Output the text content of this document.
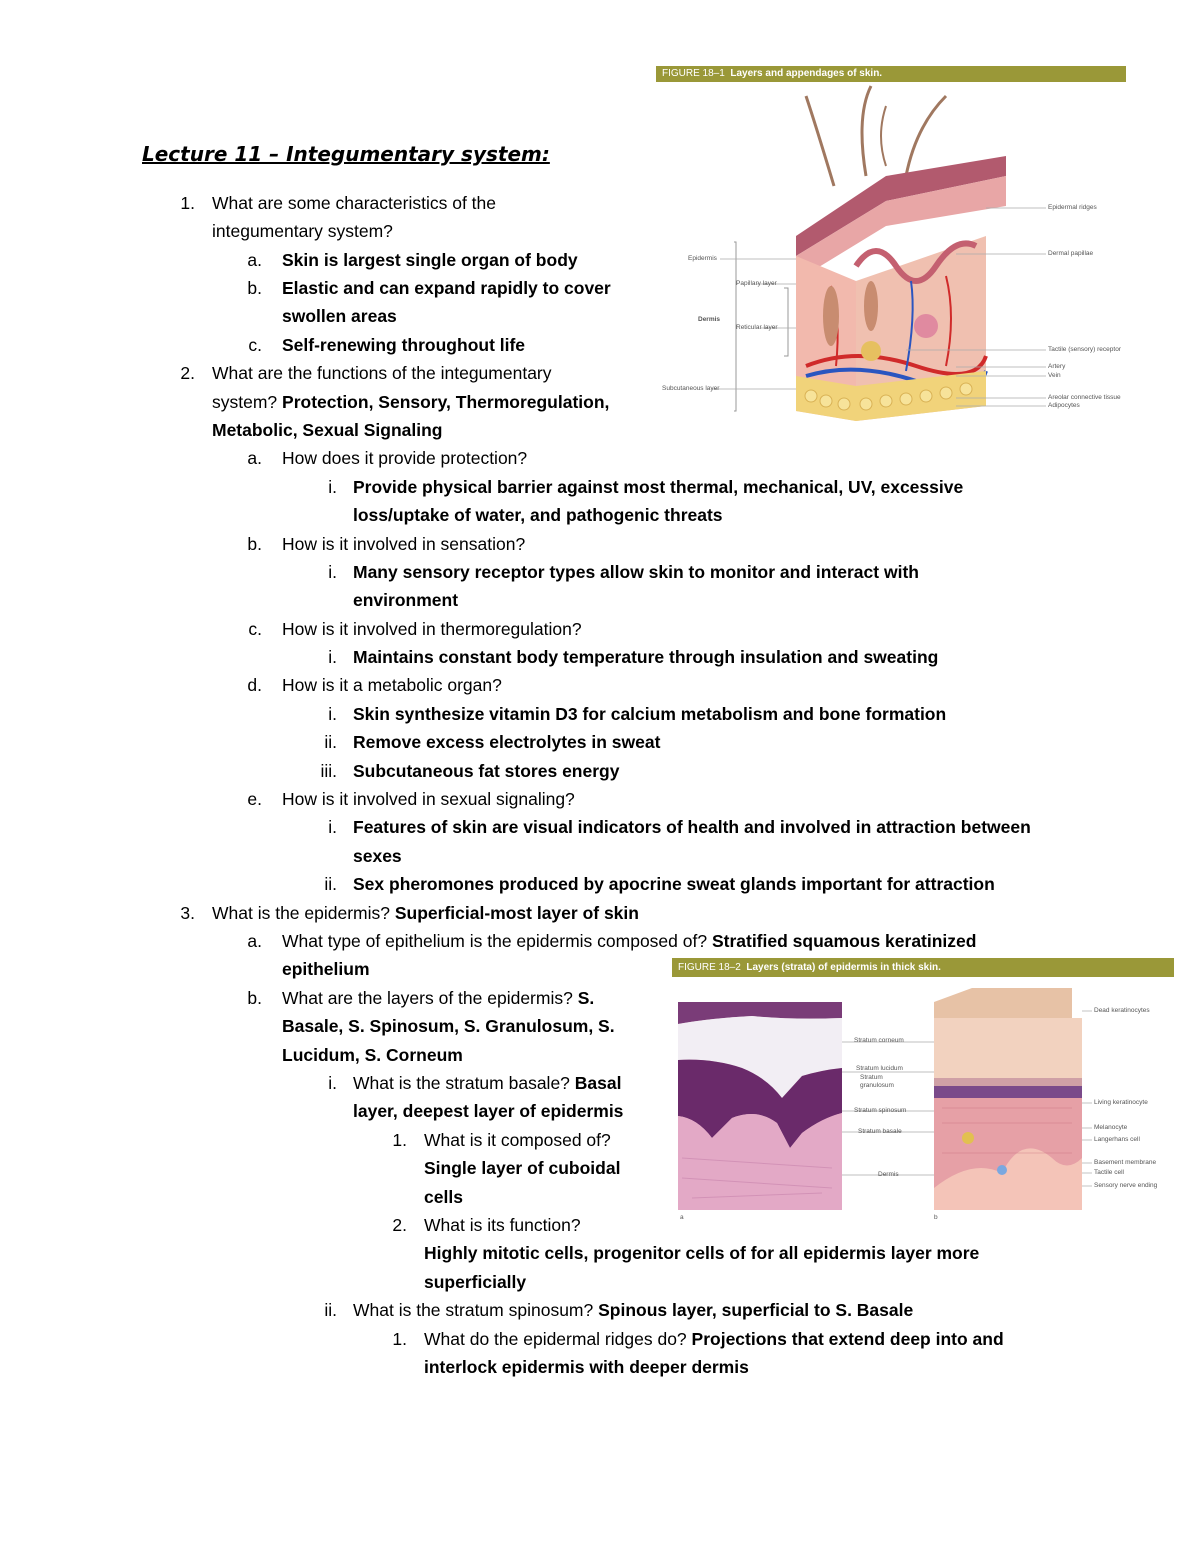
Lecture 11 – Integumentary system:
1. What are some characteristics of the
integumentary system?
a. Skin is largest single organ of body
b. Elastic and can expand rapidly to cover
swollen areas
c. Self-renewing throughout life
2. What are the functions of the integumentary
system? Protection, Sensory, Thermoregulation,
Metabolic, Sexual Signaling
a. How does it provide protection?
i. Provide physical barrier against most thermal, mechanical, UV, excessive
loss/uptake of water, and pathogenic threats
b. How is it involved in sensation?
i. Many sensory receptor types allow skin to monitor and interact with
environment
c. How is it involved in thermoregulation?
i. Maintains constant body temperature through insulation and sweating
d. How is it a metabolic organ?
i. Skin synthesize vitamin D3 for calcium metabolism and bone formation
ii. Remove excess electrolytes in sweat
iii. Subcutaneous fat stores energy
e. How is it involved in sexual signaling?
i. Features of skin are visual indicators of health and involved in attraction between
sexes
ii. Sex pheromones produced by apocrine sweat glands important for attraction
3. What is the epidermis? Superficial-most layer of skin
a. What type of epithelium is the epidermis composed of? Stratified squamous keratinized
epithelium
b. What are the layers of the epidermis? S.
Basale, S. Spinosum, S. Granulosum, S.
Lucidum, S. Corneum
i. What is the stratum basale? Basal
layer, deepest layer of epidermis
1. What is it composed of?
Single layer of cuboidal
cells
2. What is its function?
Highly mitotic cells, progenitor cells of for all epidermis layer more
superficially
ii. What is the stratum spinosum? Spinous layer, superficial to S. Basale
1. What do the epidermal ridges do? Projections that extend deep into and
interlock epidermis with deeper dermis
FIGURE 18–1 Layers and appendages of skin.
Epidermis
Dermis
Papillary layer
Reticular layer
Subcutaneous layer
Epidermal ridges
Dermal papillae
Tactile (sensory) receptor
Artery
Vein
Areolar connective tissue
Adipocytes
FIGURE 18–2 Layers (strata) of epidermis in thick skin.
a	b
Stratum corneum
Stratum lucidum
Stratum granulosum
Stratum spinosum
Stratum basale
Dermis
Dead keratinocytes
Living keratinocyte
Melanocyte
Langerhans cell
Basement membrane
Tactile cell
Sensory nerve ending
